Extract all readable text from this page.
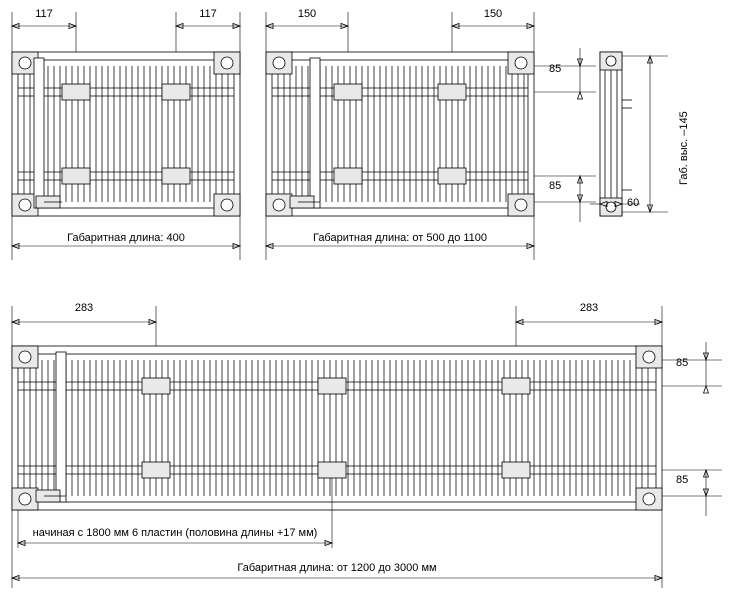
117	117
Габаритная длина: 400
150	150
Габаритная длина: от 500 до 1100
85
85
60
Габ. выс. –145
283	283
85
85
начиная с 1800 мм 6 пластин (половина длины +17 мм)
Габаритная длина: от 1200 до 3000 мм
